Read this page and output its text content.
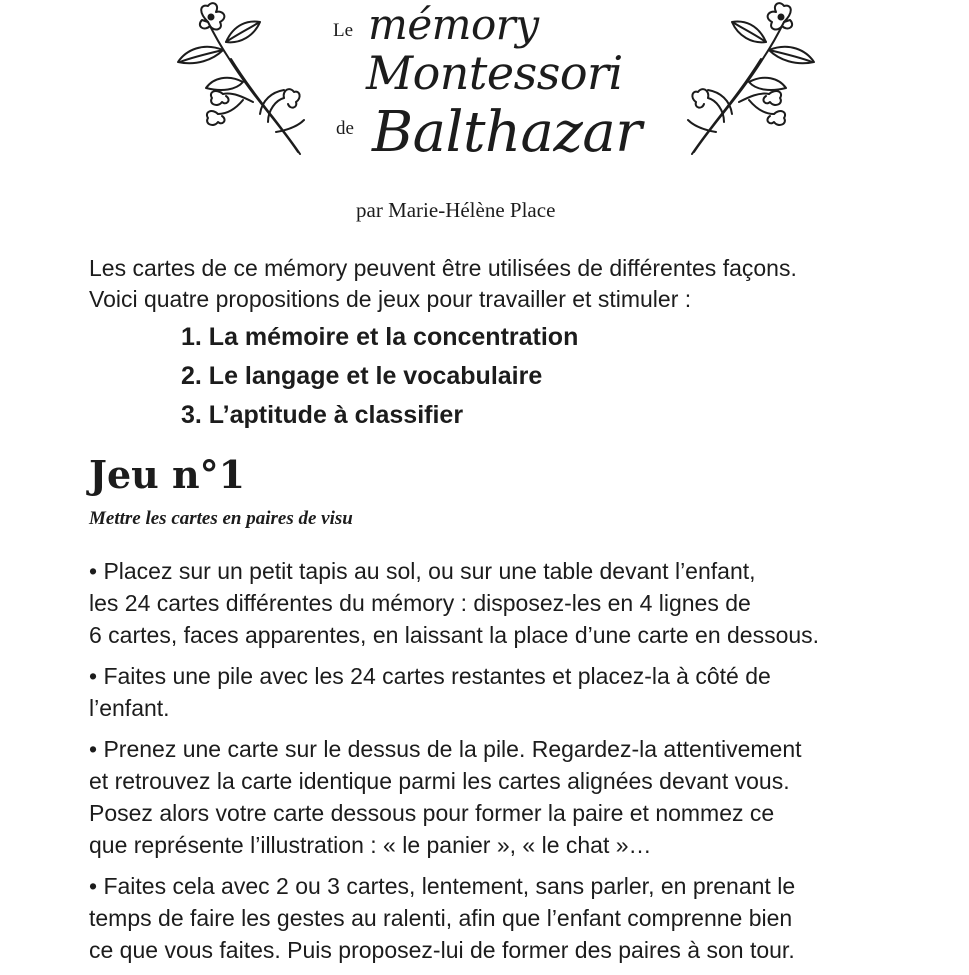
Le mémory
Montessori
de Balthazar
par Marie-Hélène Place

Les cartes de ce mémory peuvent être utilisées de différentes façons.

Voici quatre propositions de jeux pour travailler et stimuler :

1. La mémoire et la concentration
2. Le langage et le vocabulaire
3. L’aptitude à classifier
Jeu n°1

Mettre les cartes en paires de visu

• Placez sur un petit tapis au sol, ou sur une table devant l’enfant,
les 24 cartes différentes du mémory : disposez-les en 4 lignes de
6 cartes, faces apparentes, en laissant la place d’une carte en dessous.

• Faites une pile avec les 24 cartes restantes et placez-la à côté de
l’enfant.

• Prenez une carte sur le dessus de la pile. Regardez-la attentivement
et retrouvez la carte identique parmi les cartes alignées devant vous.
Posez alors votre carte dessous pour former la paire et nommez ce
que représente l’illustration : « le panier », « le chat »…

• Faites cela avec 2 ou 3 cartes, lentement, sans parler, en prenant le
temps de faire les gestes au ralenti, afin que l’enfant comprenne bien
ce que vous faites. Puis proposez-lui de former des paires à son tour.
